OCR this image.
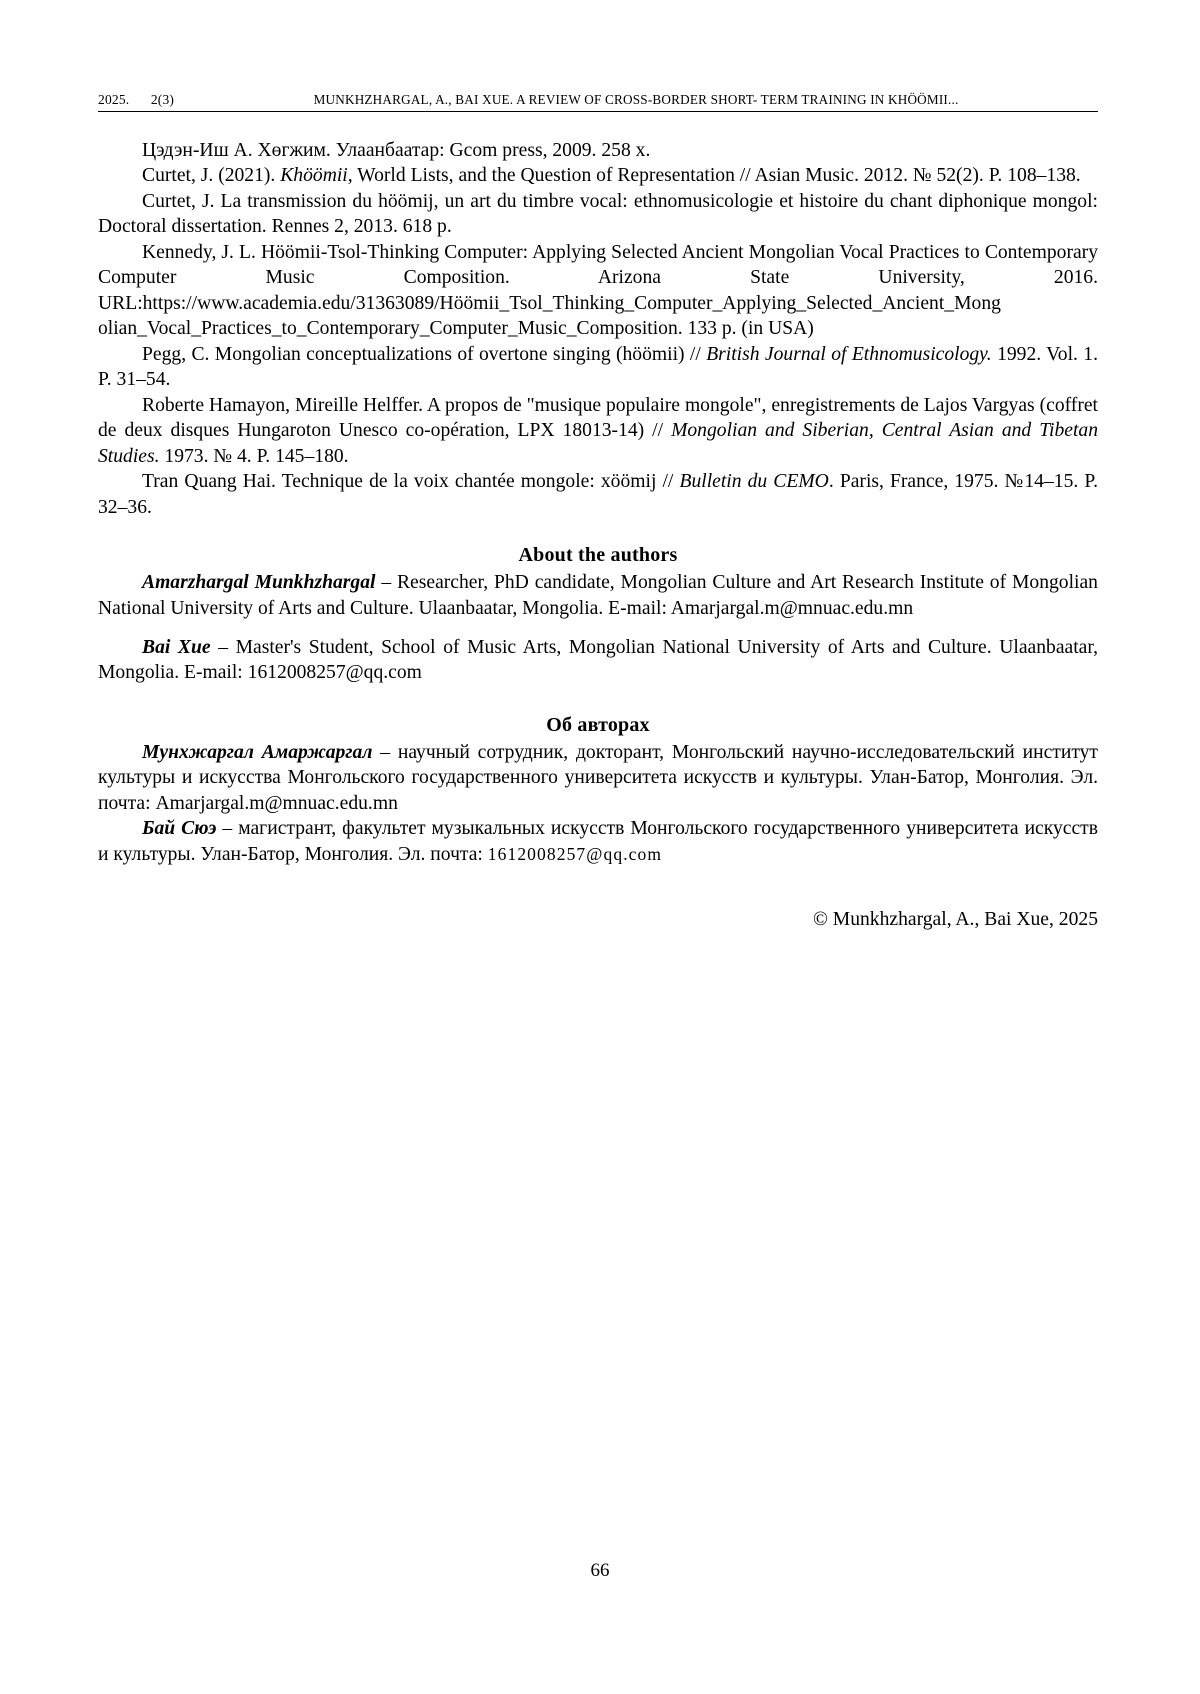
2025.      2(3)	MUNKHZHARGAL, A., BAI XUE. A REVIEW OF CROSS-BORDER SHORT- TERM TRAINING IN KHÖÖMII...

Цэдэн-Иш А. Хөгжим. Улаанбаатар: Gcom press, 2009. 258 х.

Curtet, J. (2021). Khöömii, World Lists, and the Question of Representation // Asian Music. 2012. № 52(2). P. 108–138.

Curtet, J. La transmission du höömij, un art du timbre vocal: ethnomusicologie et histoire du chant diphonique mongol: Doctoral dissertation. Rennes 2, 2013. 618 p.

Kennedy, J. L. Höömii-Tsol-Thinking Computer: Applying Selected Ancient Mongolian Vocal Practices to Contemporary Computer Music Composition. Arizona State University, 2016. URL:https://www.academia.edu/31363089/Höömii_Tsol_Thinking_Computer_Applying_Selected_Ancient_Mong olian_Vocal_Practices_to_Contemporary_Computer_Music_Composition. 133 p. (in USA)

Pegg, C. Mongolian conceptualizations of overtone singing (höömii) // British Journal of Ethnomusicology. 1992. Vol. 1. P. 31–54.

Roberte Hamayon, Mireille Helffer. A propos de "musique populaire mongole", enregistrements de Lajos Vargyas (coffret de deux disques Hungaroton Unesco co-opération, LPX 18013-14) // Mongolian and Siberian, Central Asian and Tibetan Studies. 1973. № 4. P. 145–180.

Tran Quang Hai. Technique de la voix chantée mongole: xöömij // Bulletin du CEMO. Paris, France, 1975. №14–15. P. 32–36.

About the authors

Amarzhargal Munkhzhargal – Researcher, PhD candidate, Mongolian Culture and Art Research Institute of Mongolian National University of Arts and Culture. Ulaanbaatar, Mongolia. E-mail: Amarjargal.m@mnuac.edu.mn

Bai Xue – Master's Student, School of Music Arts, Mongolian National University of Arts and Culture. Ulaanbaatar, Mongolia. E-mail: 1612008257@qq.com

Об авторах

Мунхжаргал Амаржаргал – научный сотрудник, докторант, Монгольский научно-исследовательский институт культуры и искусства Монгольского государственного университета искусств и культуры. Улан-Батор, Монголия. Эл. почта: Amarjargal.m@mnuac.edu.mn

Бай Сюэ – магистрант, факультет музыкальных искусств Монгольского государственного университета искусств и культуры. Улан-Батор, Монголия. Эл. почта: 1612008257@qq.com

© Munkhzhargal, A., Bai Xue, 2025

66
